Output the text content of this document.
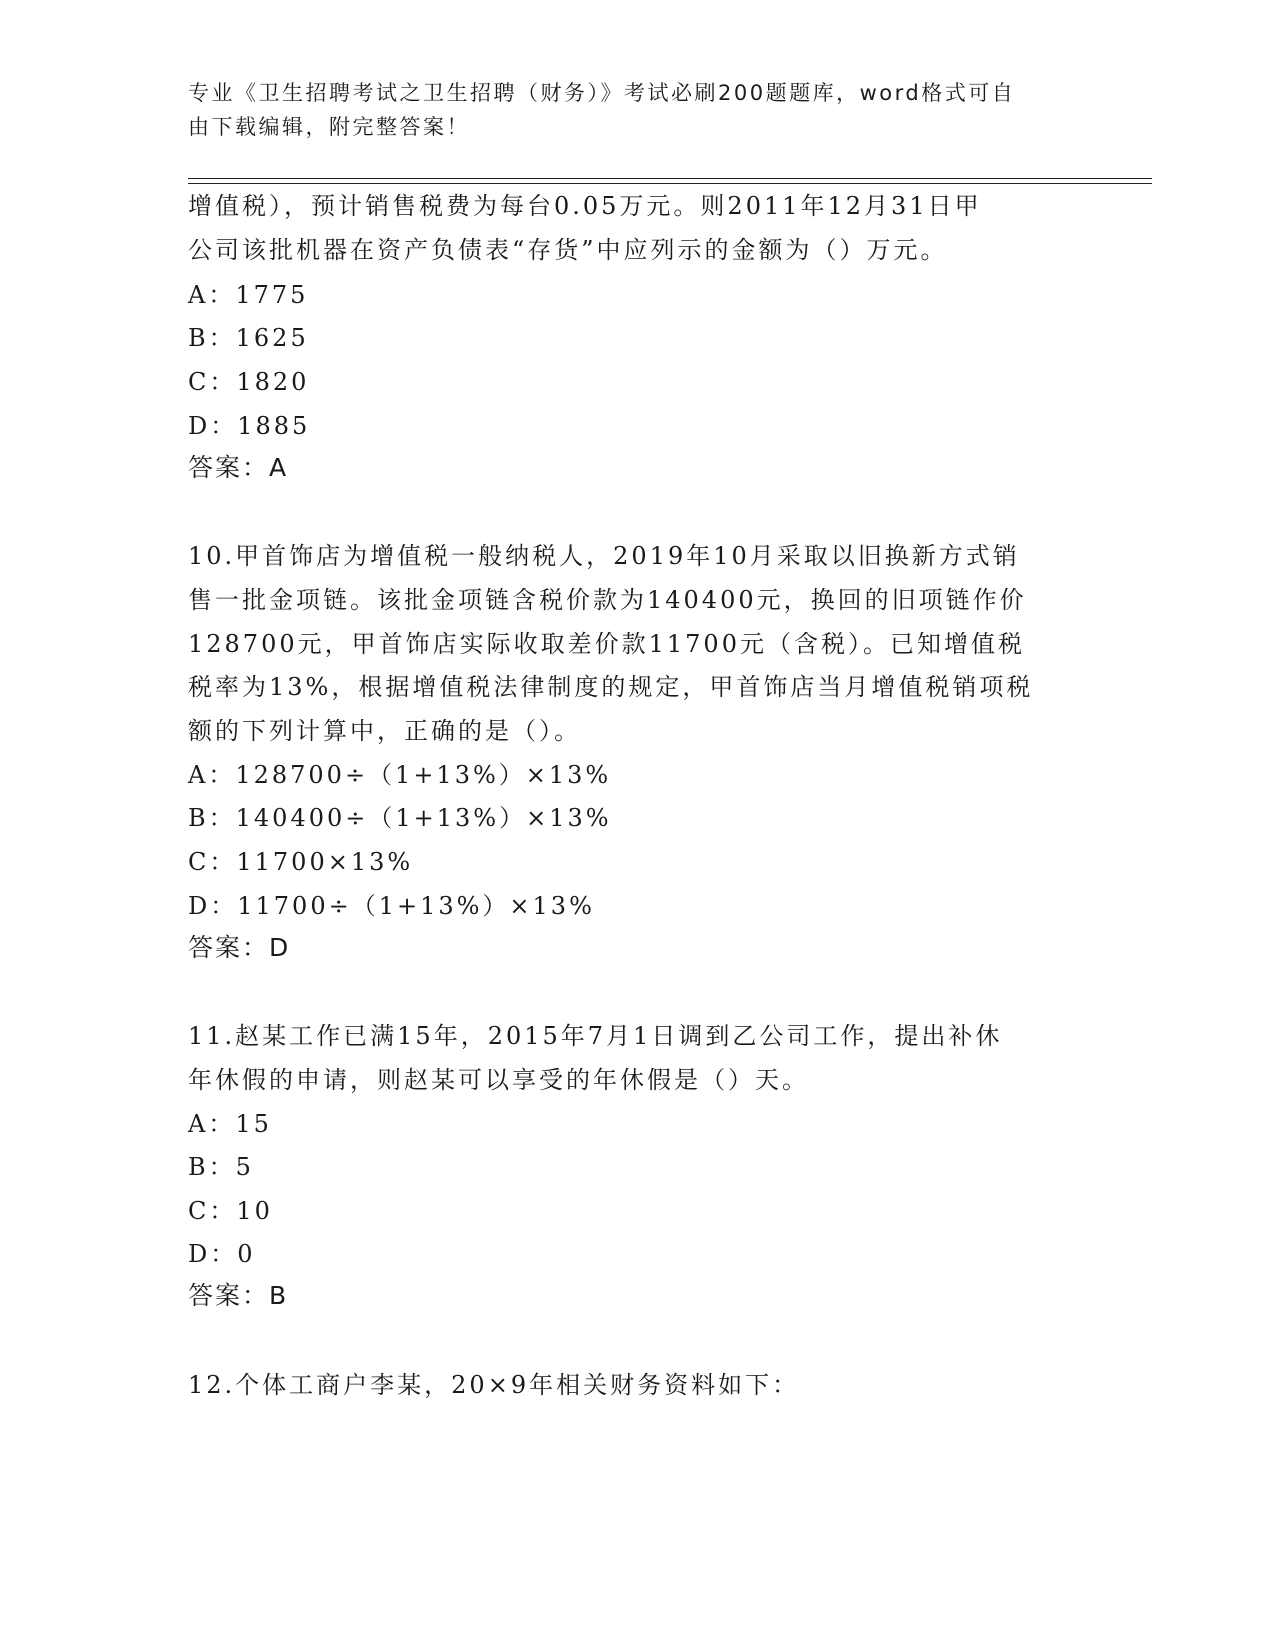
专业《卫生招聘考试之卫生招聘（财务）》考试必刷200题题库，word格式可自
由下载编辑，附完整答案！
增值税），预计销售税费为每台0.05万元。则2011年12月31日甲
公司该批机器在资产负债表“存货”中应列示的金额为（）万元。
A：1775
B：1625
C：1820
D：1885
答案：A
10.甲首饰店为增值税一般纳税人，2019年10月采取以旧换新方式销
售一批金项链。该批金项链含税价款为140400元，换回的旧项链作价
128700元，甲首饰店实际收取差价款11700元（含税）。已知增值税
税率为13%，根据增值税法律制度的规定，甲首饰店当月增值税销项税
额的下列计算中，正确的是（）。
A：128700÷（1+13%）×13%
B：140400÷（1+13%）×13%
C：11700×13%
D：11700÷（1+13%）×13%
答案：D
11.赵某工作已满15年，2015年7月1日调到乙公司工作，提出补休
年休假的申请，则赵某可以享受的年休假是（）天。
A：15
B：5
C：10
D：0
答案：B
12.个体工商户李某，20×9年相关财务资料如下：
